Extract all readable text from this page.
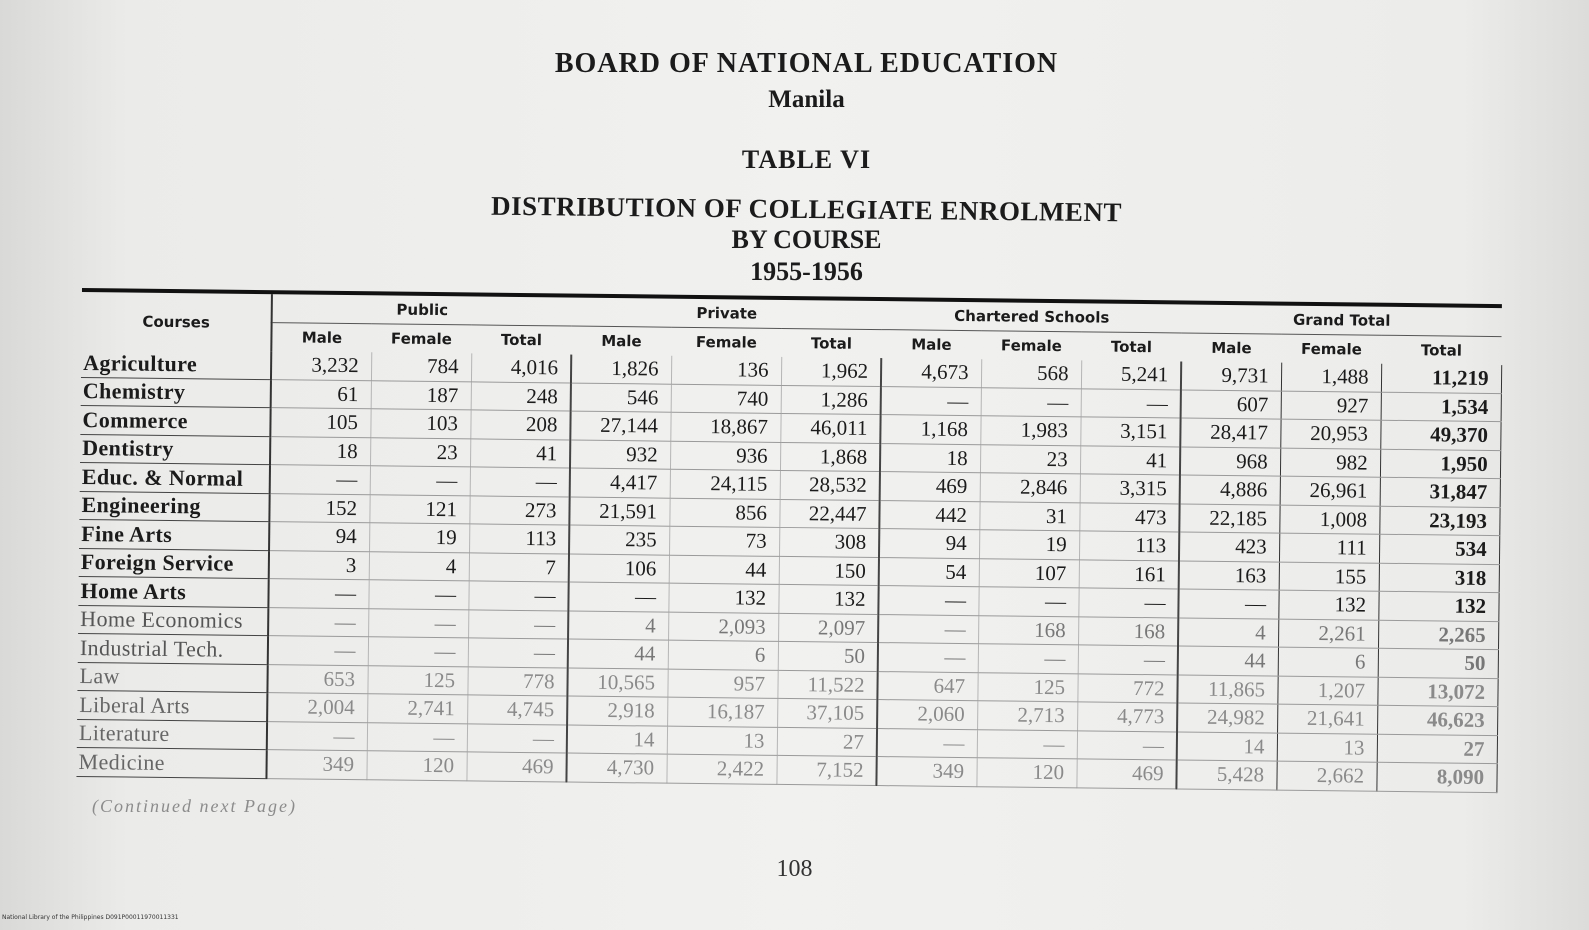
BOARD OF NATIONAL EDUCATION
Manila
TABLE VI
DISTRIBUTION OF COLLEGIATE ENROLMENT
BY COURSE
1955-1956
Courses	Public			Private			Chartered Schools			Grand Total		
	Male	Female	Total	Male	Female	Total	Male	Female	Total	Male	Female	Total
Agriculture	3,232	784	4,016	1,826	136	1,962	4,673	568	5,241	9,731	1,488	11,219
Chemistry	61	187	248	546	740	1,286	—	—	—	607	927	1,534
Commerce	105	103	208	27,144	18,867	46,011	1,168	1,983	3,151	28,417	20,953	49,370
Dentistry	18	23	41	932	936	1,868	18	23	41	968	982	1,950
Educ. & Normal	—	—	—	4,417	24,115	28,532	469	2,846	3,315	4,886	26,961	31,847
Engineering	152	121	273	21,591	856	22,447	442	31	473	22,185	1,008	23,193
Fine Arts	94	19	113	235	73	308	94	19	113	423	111	534
Foreign Service	3	4	7	106	44	150	54	107	161	163	155	318
Home Arts	—	—	—	—	132	132	—	—	—	—	132	132
Home Economics	—	—	—	4	2,093	2,097	—	168	168	4	2,261	2,265
Industrial Tech.	—	—	—	44	6	50	—	—	—	44	6	50
Law	653	125	778	10,565	957	11,522	647	125	772	11,865	1,207	13,072
Liberal Arts	2,004	2,741	4,745	2,918	16,187	37,105	2,060	2,713	4,773	24,982	21,641	46,623
Literature	—	—	—	14	13	27	—	—	—	14	13	27
Medicine	349	120	469	4,730	2,422	7,152	349	120	469	5,428	2,662	8,090
(Continued next Page)
108
National Library of the Philippines D091P00011970011331
